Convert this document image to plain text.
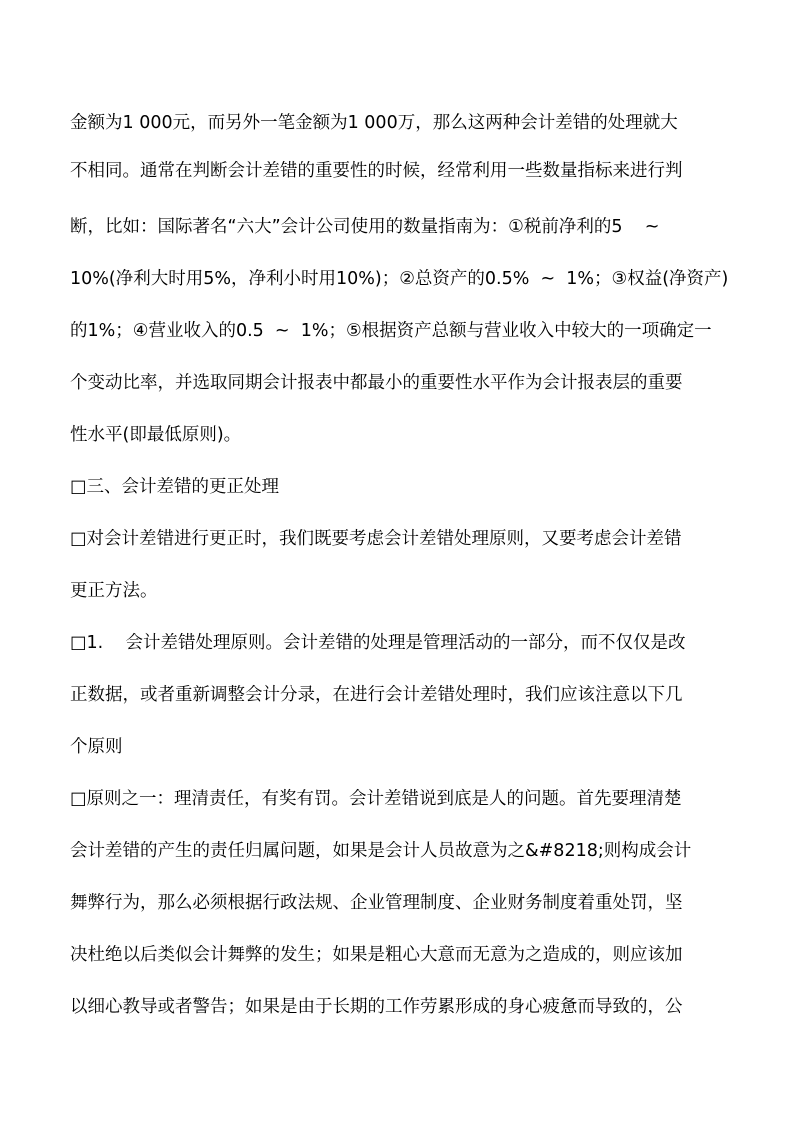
金额为1 000元，而另外一笔金额为1 000万，那么这两种会计差错的处理就大
不相同。通常在判断会计差错的重要性的时候，经常利用一些数量指标来进行判
断，比如：国际著名“六大”会计公司使用的数量指南为：①税前净利的5    ~
10%(净利大时用5%，净利小时用10%)；②总资产的0.5%  ~  1%；③权益(净资产)
的1%；④营业收入的0.5  ~  1%；⑤根据资产总额与营业收入中较大的一项确定一
个变动比率，并选取同期会计报表中都最小的重要性水平作为会计报表层的重要
性水平(即最低原则)。
□三、会计差错的更正处理
□对会计差错进行更正时，我们既要考虑会计差错处理原则，又要考虑会计差错
更正方法。
□1.    会计差错处理原则。会计差错的处理是管理活动的一部分，而不仅仅是改
正数据，或者重新调整会计分录，在进行会计差错处理时，我们应该注意以下几
个原则
□原则之一：理清责任，有奖有罚。会计差错说到底是人的问题。首先要理清楚
会计差错的产生的责任归属问题，如果是会计人员故意为之&#8218;则构成会计
舞弊行为，那么必须根据行政法规、企业管理制度、企业财务制度着重处罚，坚
决杜绝以后类似会计舞弊的发生；如果是粗心大意而无意为之造成的，则应该加
以细心教导或者警告；如果是由于长期的工作劳累形成的身心疲惫而导致的，公
